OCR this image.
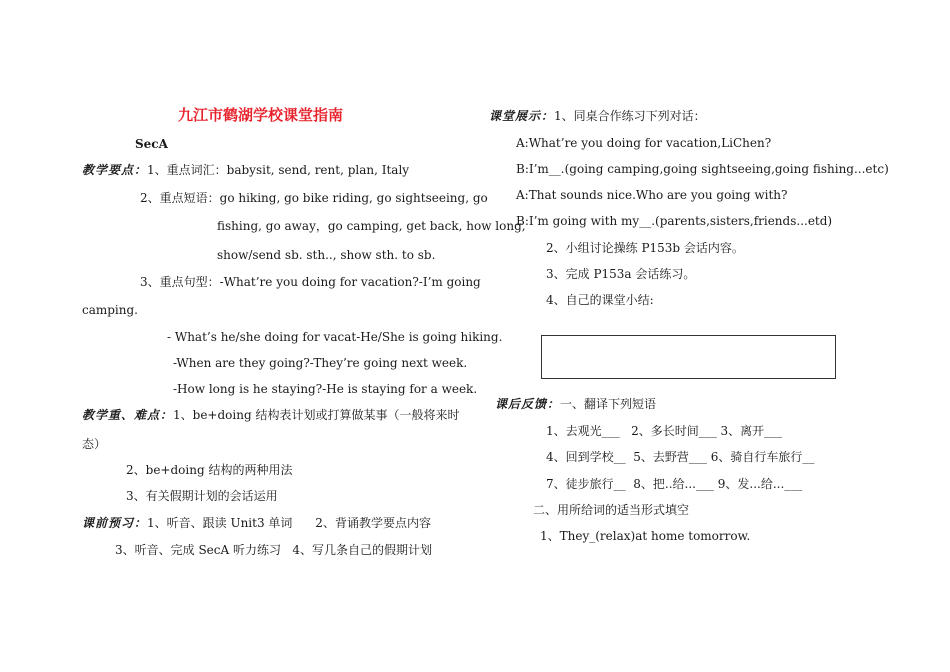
九江市鹤湖学校课堂指南
SecA
教学要点：1、重点词汇：babysit, send, rent, plan, Italy
2、重点短语：go hiking, go bike riding, go sightseeing, go
fishing, go away，go camping, get back, how long,
show/send sb. sth.., show sth. to sb.
3、重点句型：-What’re you doing for vacation?-I’m going
camping.
- What’s he/she doing for vacat-He/She is going hiking.
-When are they going?-They’re going next week.
-How long is he staying?-He is staying for a week.
教学重、难点：1、be+doing 结构表计划或打算做某事（一般将来时
态）
2、be+doing 结构的两种用法
3、有关假期计划的会话运用
课前预习：1、听音、跟读 Unit3 单词      2、背诵教学要点内容
3、听音、完成 SecA 听力练习   4、写几条自己的假期计划
课堂展示：1、同桌合作练习下列对话：
A:What’re you doing for vacation,LiChen?
B:I’m__.(going camping,going sightseeing,going fishing...etc)
A:That sounds nice.Who are you going with?
B:I’m going with my__.(parents,sisters,friends...etd)
2、小组讨论操练 P153b 会话内容。
3、完成 P153a 会话练习。
4、自己的课堂小结:
课后反馈：一、翻译下列短语
1、去观光___   2、多长时间___ 3、离开___
4、回到学校__  5、去野营___ 6、骑自行车旅行__
7、徒步旅行__  8、把..给...___ 9、发...给...___
二、用所给词的适当形式填空
1、They_(relax)at home tomorrow.
